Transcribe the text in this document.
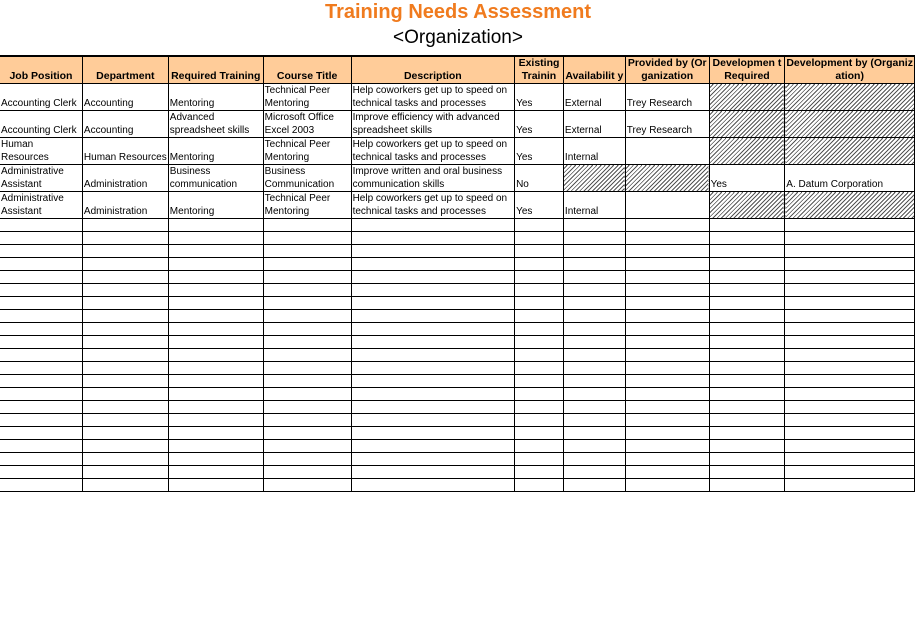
Training Needs Assessment
<Organization>
Job Position	Department	Required Training	Course Title	Description	Existing Trainin	Availabilit y	Provided by (Organization	Developmen t Required	Development by (Organization)
Accounting Clerk	Accounting	Mentoring	Technical Peer Mentoring	Help coworkers get up to speed on technical tasks and processes	Yes	External	Trey Research		
Accounting Clerk	Accounting	Advanced spreadsheet skills	Microsoft Office Excel 2003	Improve efficiency with advanced spreadsheet skills	Yes	External	Trey Research		
Human Resources	Human Resources	Mentoring	Technical Peer Mentoring	Help coworkers get up to speed on technical tasks and processes	Yes	Internal			
Administrative Assistant	Administration	Business communication	Business Communication	Improve written and oral business communication skills	No			Yes	A. Datum Corporation
Administrative Assistant	Administration	Mentoring	Technical Peer Mentoring	Help coworkers get up to speed on technical tasks and processes	Yes	Internal			
